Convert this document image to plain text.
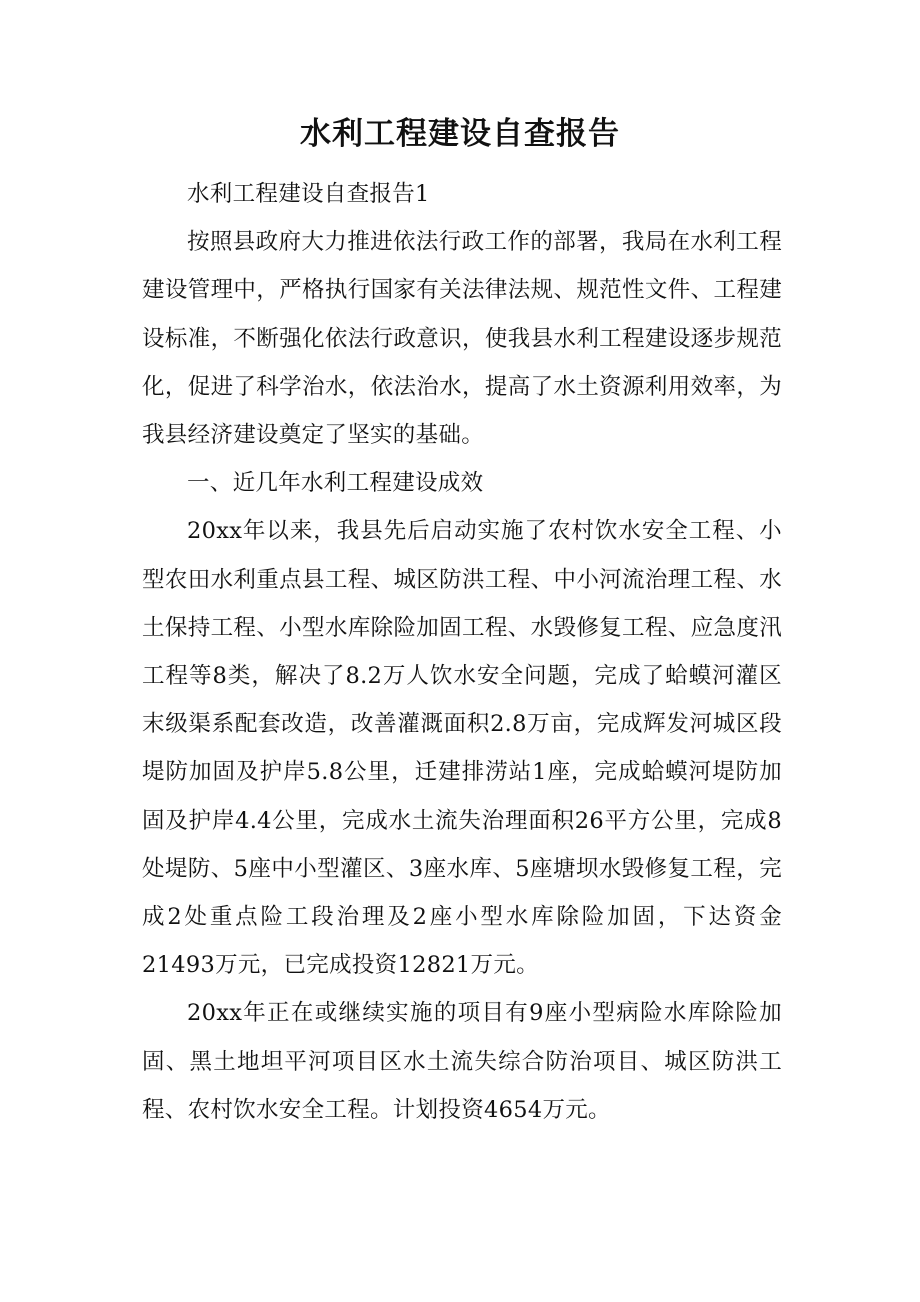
水利工程建设自查报告

水利工程建设自查报告1

按照县政府大力推进依法行政工作的部署，我局在水利工程建设管理中，严格执行国家有关法律法规、规范性文件、工程建设标准，不断强化依法行政意识，使我县水利工程建设逐步规范化，促进了科学治水，依法治水，提高了水土资源利用效率，为我县经济建设奠定了坚实的基础。

一、近几年水利工程建设成效

20xx年以来，我县先后启动实施了农村饮水安全工程、小型农田水利重点县工程、城区防洪工程、中小河流治理工程、水土保持工程、小型水库除险加固工程、水毁修复工程、应急度汛工程等8类，解决了8.2万人饮水安全问题，完成了蛤蟆河灌区末级渠系配套改造，改善灌溉面积2.8万亩，完成辉发河城区段堤防加固及护岸5.8公里，迁建排涝站1座，完成蛤蟆河堤防加固及护岸4.4公里，完成水土流失治理面积26平方公里，完成8处堤防、5座中小型灌区、3座水库、5座塘坝水毁修复工程，完成2处重点险工段治理及2座小型水库除险加固，下达资金21493万元，已完成投资12821万元。

20xx年正在或继续实施的项目有9座小型病险水库除险加固、黑土地坦平河项目区水土流失综合防治项目、城区防洪工程、农村饮水安全工程。计划投资4654万元。
